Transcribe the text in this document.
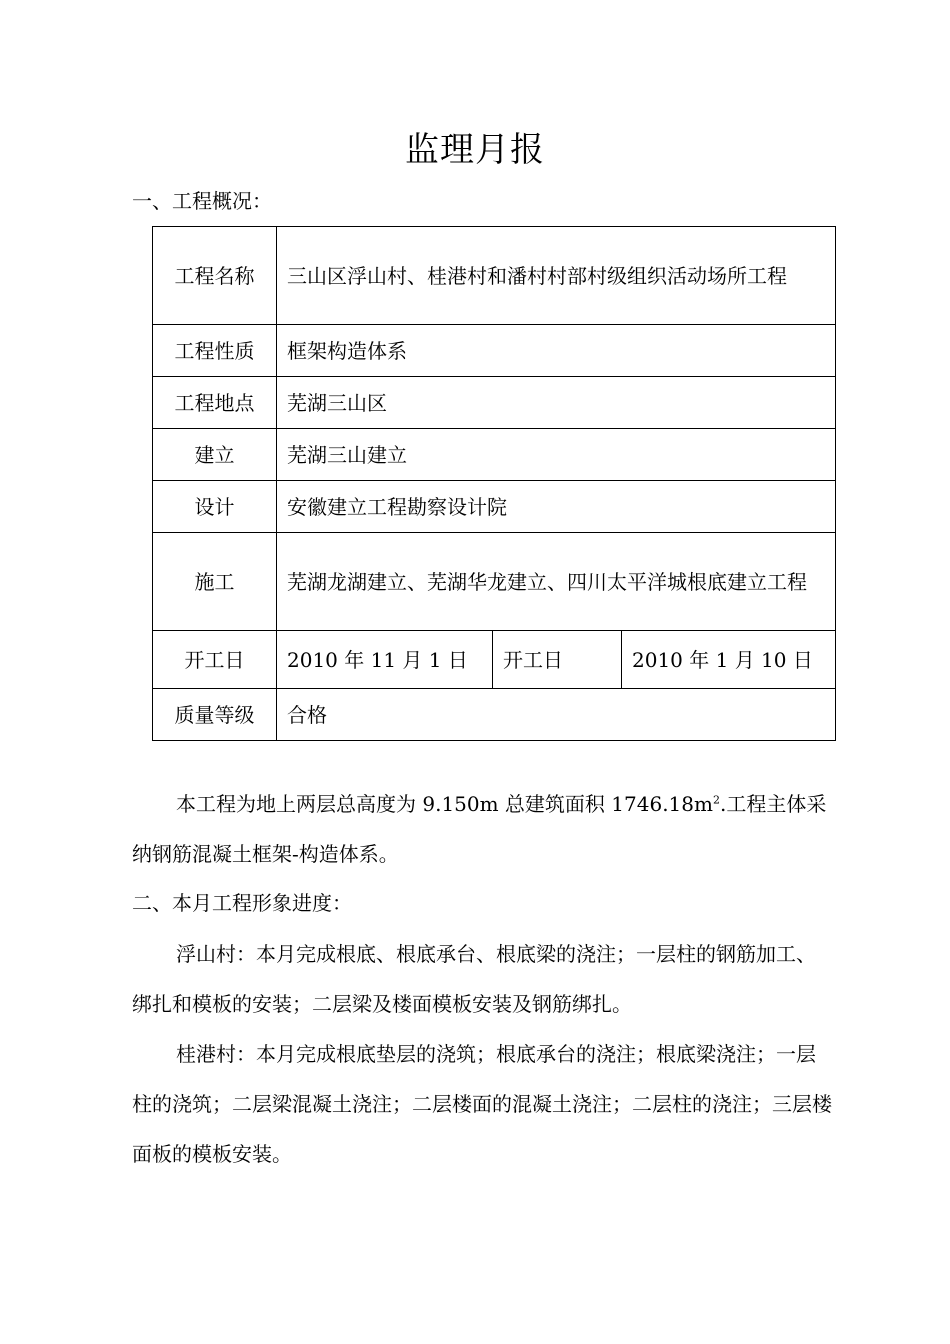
监理月报
一、工程概况：
工程名称	三山区浮山村、桂港村和潘村村部村级组织活动场所工程		
工程性质	框架构造体系		
工程地点	芜湖三山区		
建立	芜湖三山建立		
设计	安徽建立工程勘察设计院		
施工	芜湖龙湖建立、芜湖华龙建立、四川太平洋城根底建立工程		
开工日	2010 年 11 月 1 日	开工日	2010 年 1 月 10 日
质量等级	合格		
本工程为地上两层总高度为 9.150m 总建筑面积 $1746.18m^2$.工程主体采纳钢筋混凝土框架-构造体系。
二、本月工程形象进度：
浮山村：本月完成根底、根底承台、根底梁的浇注；一层柱的钢筋加工、绑扎和模板的安装；二层梁及楼面模板安装及钢筋绑扎。
桂港村：本月完成根底垫层的浇筑；根底承台的浇注；根底梁浇注；一层柱的浇筑；二层梁混凝土浇注；二层楼面的混凝土浇注；二层柱的浇注；三层楼面板的模板安装。
